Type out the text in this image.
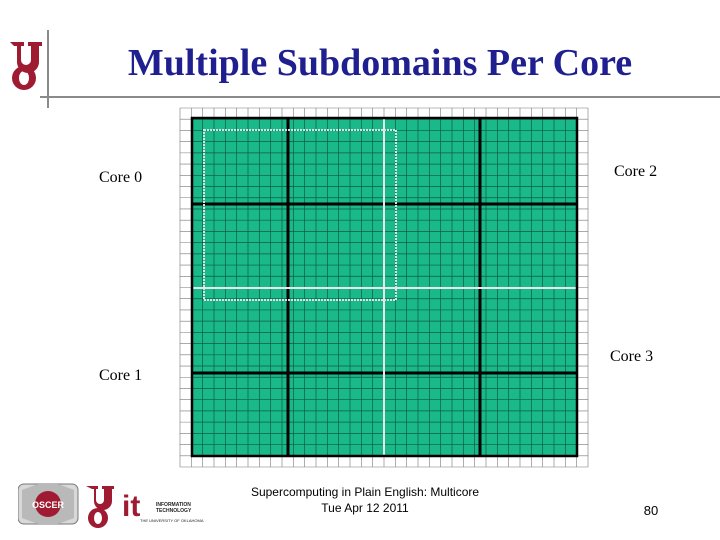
Multiple Subdomains Per Core
Core 0
Core 1
Core 2
Core 3
OSCER it	INFORMATION
TECHNOLOGY
THE UNIVERSITY OF OKLAHOMA
Supercomputing in Plain English: Multicore
Tue Apr 12 2011	80
